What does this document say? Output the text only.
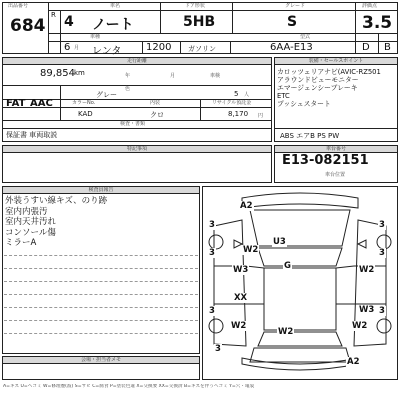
出品番号
684
車名	ドア形状	グレード	評価点
R 4 ノート	5HB	S	3.5
車種	型式
6 月 レンタ 1200 ガソリン	6AA-E13	D B
走行距離
89,854 km	年	月	車検
色
グレー	5 人
FAT AAC	カラーNo.	内装	リサイクル預託金
KAD	クロ	8,170 円
検査・書類
保証書 車両取説
装備・セールスポイント
カロッツェリアナビ(AVIC-RZ501
アラウンドビューモニター
エマージェンシーブレーキ
ETC
プッシュスタート
ABS エアB PS PW
特記事項	車台番号
E13-082151
車台位置
検査員報告
外装うすい線キズ、のり跡
室内内張汚
室内天井汚れ
コンソール傷
ミラーA
3	3
3	3
3	3
3
A2
U3
W2
G
W3	W2
XX
W2
W3
W2
W2
A2
会場・担当者メモ
A=キズ U=ヘコミ W=修理歴(波) S=サビ C=腐食 P=塗装色違 X=交換要 XX=交換済 B=キズを伴うヘコミ Y=穴・亀裂
